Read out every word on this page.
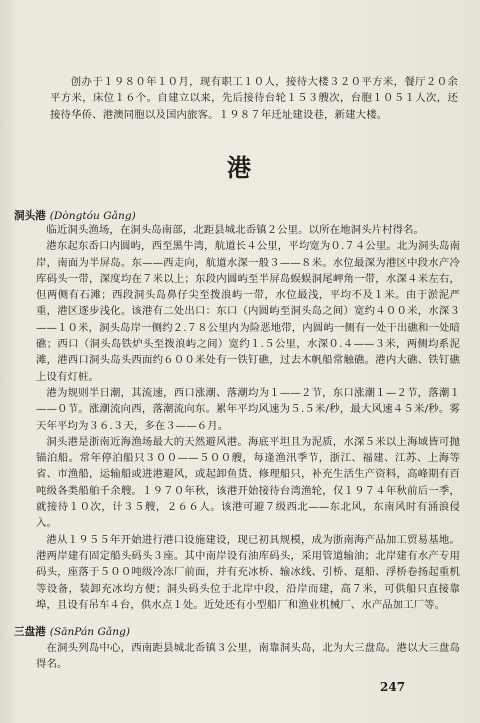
创办于１９８０年１０月，现有职工１０人，接待大楼３２０平方米，餐厅２０余平方米，床位１６个。自建立以来，先后接待台轮１５３艘次，台胞１０５１人次，还接待华侨、港澳同胞以及国内旅客。１９８７年迁址建设巷，新建大楼。

港
洞头港 (Dòngtóu Gǎng)

临近洞头渔场，在洞头岛南部，北距县城北岙镇２公里。以所在地洞头片村得名。

港东起东岙口内圆屿，西至黑牛湾，航道长４公里，平均宽为０.７４公里。北为洞头岛南岸，南面为半屏岛。东——西走向，航道水深一般３——８米。水位最深为港区中段水产冷库码头一带，深度均在７米以上；东段内圆屿至半屏岛蜈蜈洞尾岬角一带，水深４米左右，但两侧有石滩；西段洞头岛鼻仔尖至拨浪屿一带，水位最浅，平均不及１米。由于淤泥严重，港区逐步浅化。该港有二处出口：东口（内圆屿至洞头岛之间）宽约４００米，水深３——１０米，洞头岛岸一侧约２.７８公里内为险恶地带，内圆屿一侧有一处干出礁和一处暗礁；西口（洞头岛铁炉头至拨浪屿之间）宽约１.５公里，水深０.４——３米，两侧均系泥滩，港西口洞头岛头西面约６００米处有一铁钉礁，过去木帆船常触礁。港内大礁、铁钉礁上设有灯桩。

港为规则半日潮，其流速，西口涨潮、落潮均为１——２节，东口涨潮１—２节，落潮１——０节。涨潮流向西，落潮流向东。累年平均风速为５.５米/秒，最大风速４５米/秒。雾天年平均为３６.３天，多在３——６月。

洞头港是浙南近海渔场最大的天然避风港。海底平坦且为泥质，水深５米以上海域皆可抛锚泊船。常年停泊船只３００——５００艘，每逢渔汛季节，浙江、福建、江苏、上海等省、市渔船，运输船或进港避风，或起卸鱼货、修理船只，补充生活生产资料，高峰期有百吨级各类船舶千余艘。１９７０年秋，该港开始接待台湾渔轮，仅１９７４年秋前后一季，就接待１０次，计３５艘，２６６人。该港可避７级西北——东北风，东南风时有涌浪侵入。

港从１９５５年开始进行港口设施建设，现已初具规模，成为浙南海产品加工贸易基地。港两岸建有固定船头码头３座。其中南岸设有油库码头，采用管道输油；北岸建有水产专用码头，座落于５００吨级冷冻厂前面，并有充冰桥、输冰线、引桥、趸船、浮桥卷扬起重机等设备，装卸充冰均方便；洞头码头位于北岸中段，沿岸而建，高７米，可供船只直接靠埠，且设有吊车４台，供水点１处。近处还有小型船厂和渔业机械厂、水产品加工厂等。

三盘港 (SānPán Gǎng)

在洞头列岛中心，西南距县城北岙镇３公里，南靠洞头岛，北为大三盘岛。港以大三盘岛得名。

247
